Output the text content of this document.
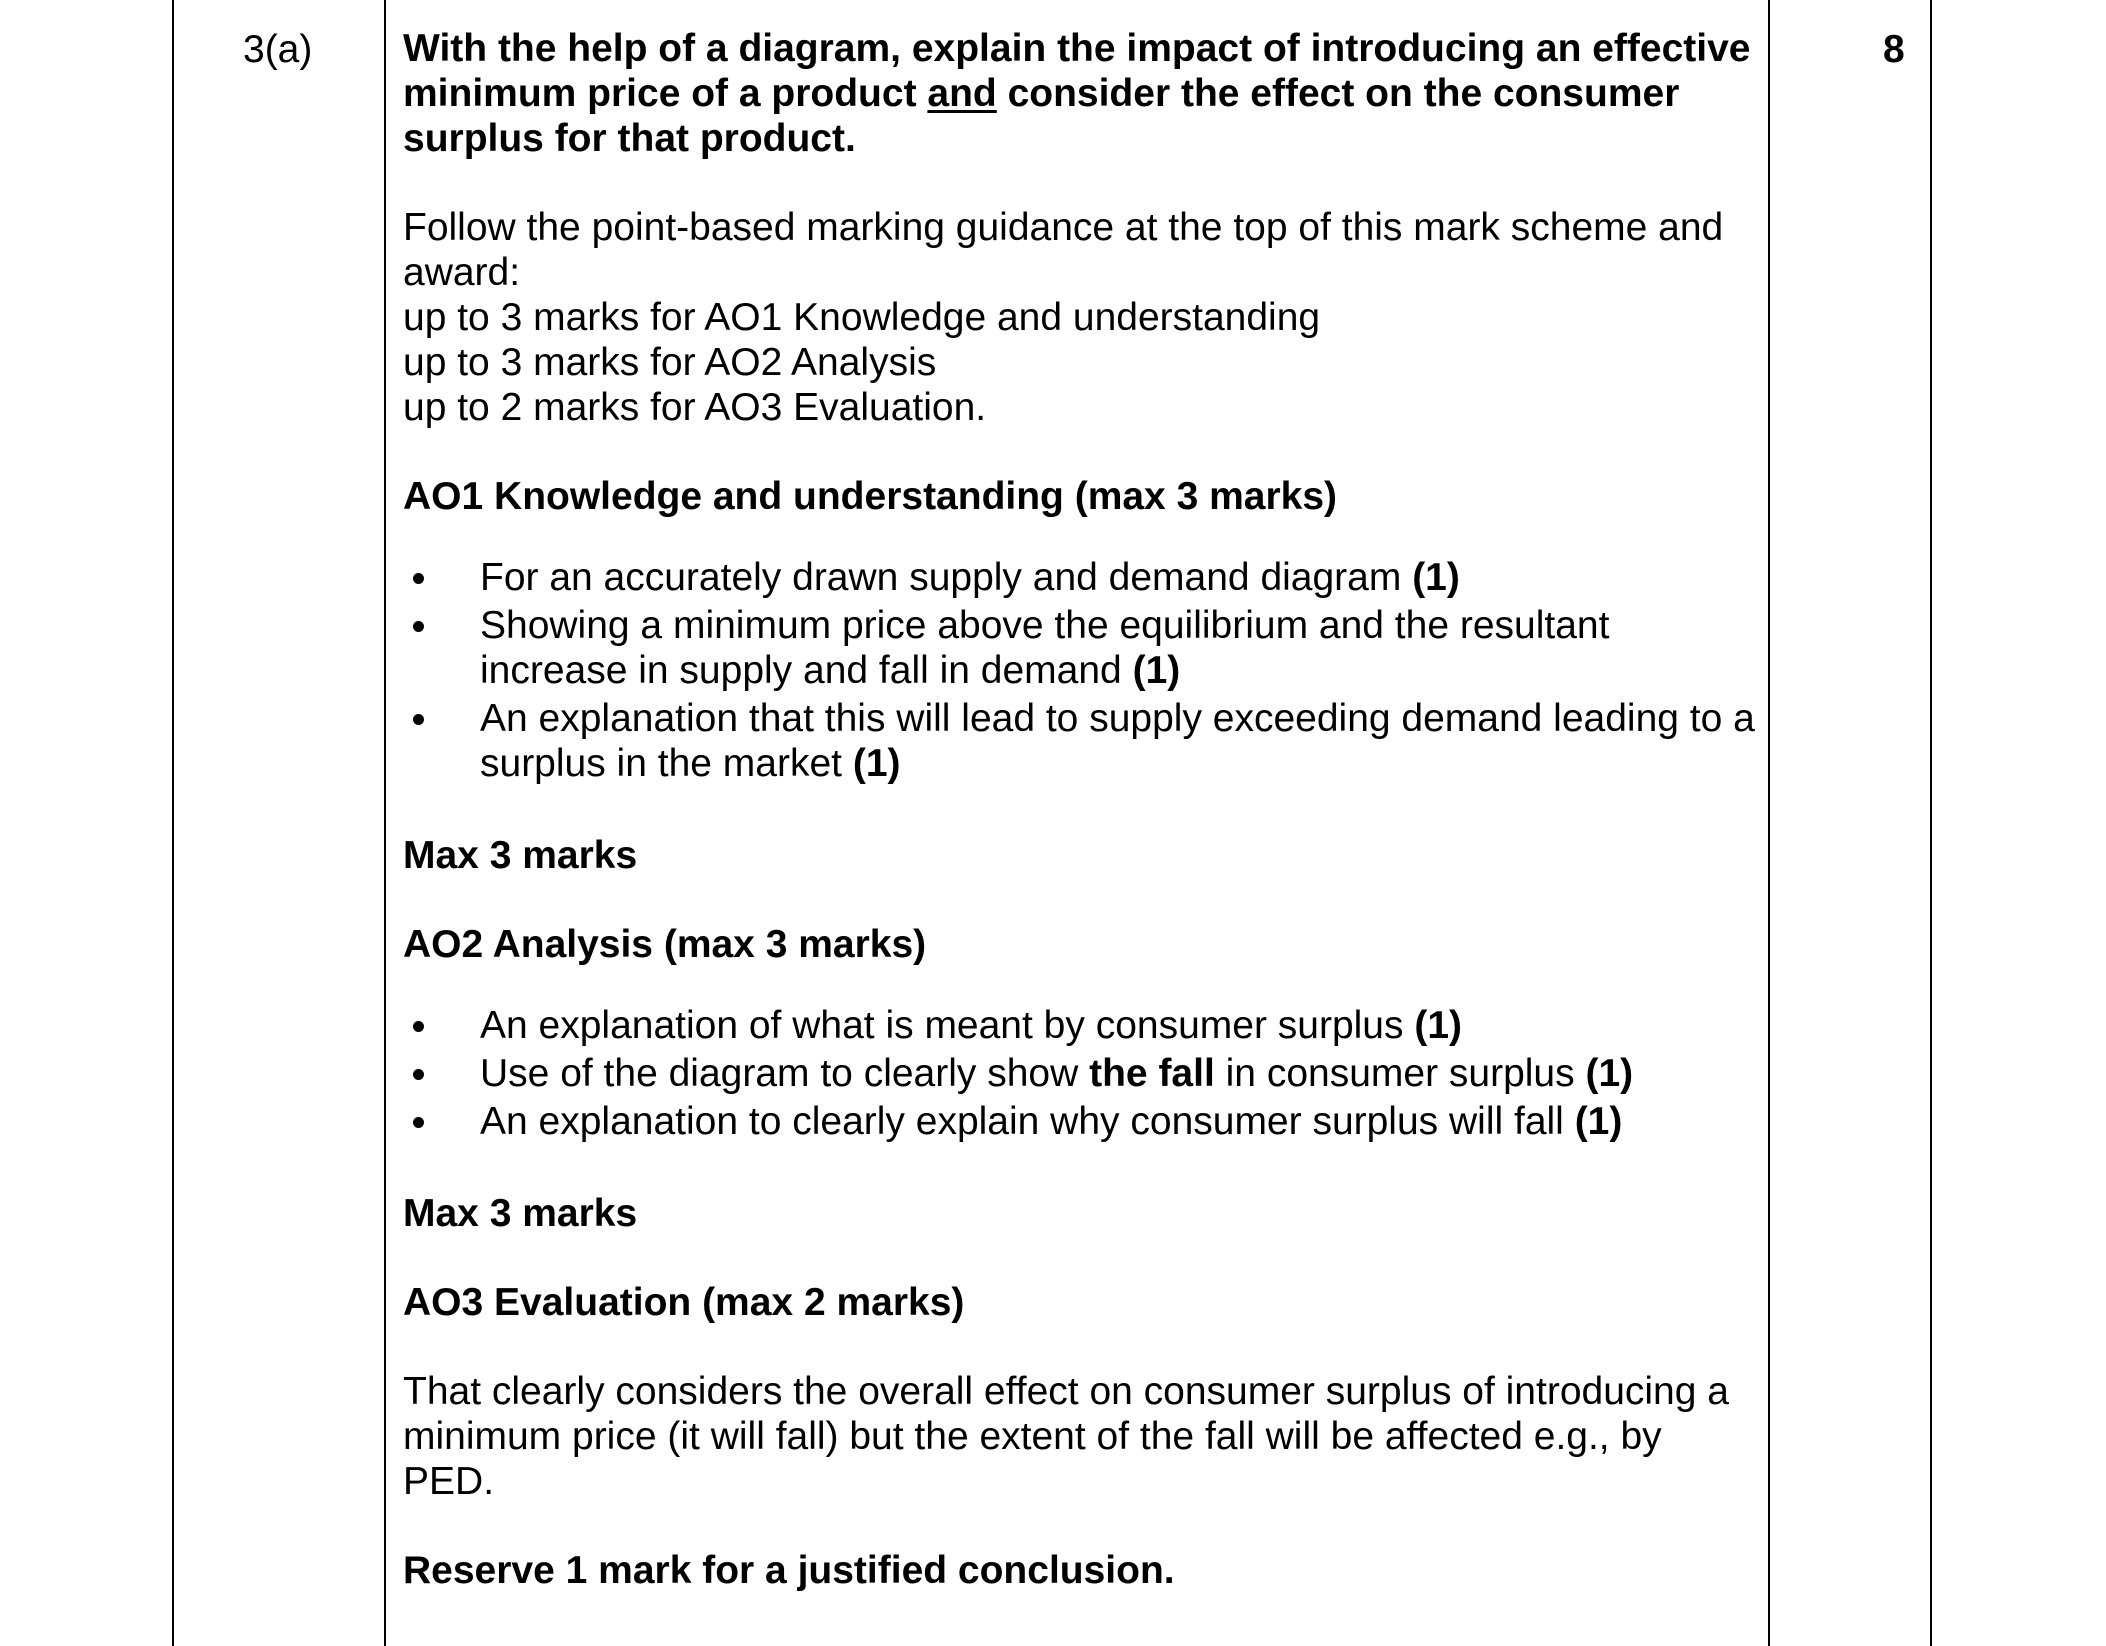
3(a)	8

With the help of a diagram, explain the impact of introducing an effective minimum price of a product and consider the effect on the consumer surplus for that product.

Follow the point-based marking guidance at the top of this mark scheme and award:

up to 3 marks for AO1 Knowledge and understanding

up to 3 marks for AO2 Analysis

up to 2 marks for AO3 Evaluation.

AO1 Knowledge and understanding (max 3 marks)

For an accurately drawn supply and demand diagram (1)
Showing a minimum price above the equilibrium and the resultant increase in supply and fall in demand (1)
An explanation that this will lead to supply exceeding demand leading to a surplus in the market (1)

Max 3 marks

AO2 Analysis (max 3 marks)

An explanation of what is meant by consumer surplus (1)
Use of the diagram to clearly show the fall in consumer surplus (1)
An explanation to clearly explain why consumer surplus will fall (1)

Max 3 marks

AO3 Evaluation (max 2 marks)

That clearly considers the overall effect on consumer surplus of introducing a minimum price (it will fall) but the extent of the fall will be affected e.g., by PED.

Reserve 1 mark for a justified conclusion.
